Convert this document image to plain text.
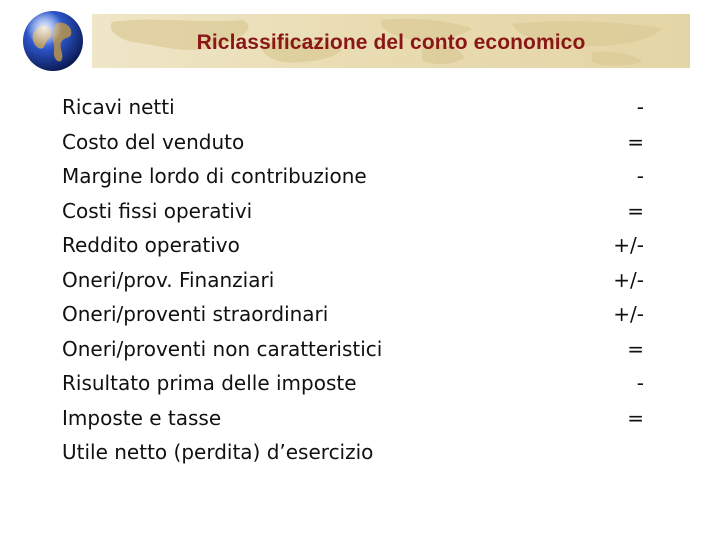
Riclassificazione del conto economico
Ricavi netti	-
Costo del venduto	=
Margine lordo di contribuzione	-
Costi fissi operativi	=
Reddito operativo	+/-
Oneri/prov. Finanziari	+/-
Oneri/proventi straordinari	+/-
Oneri/proventi non caratteristici	=
Risultato prima delle imposte	-
Imposte e tasse	=
Utile netto (perdita) d’esercizio
